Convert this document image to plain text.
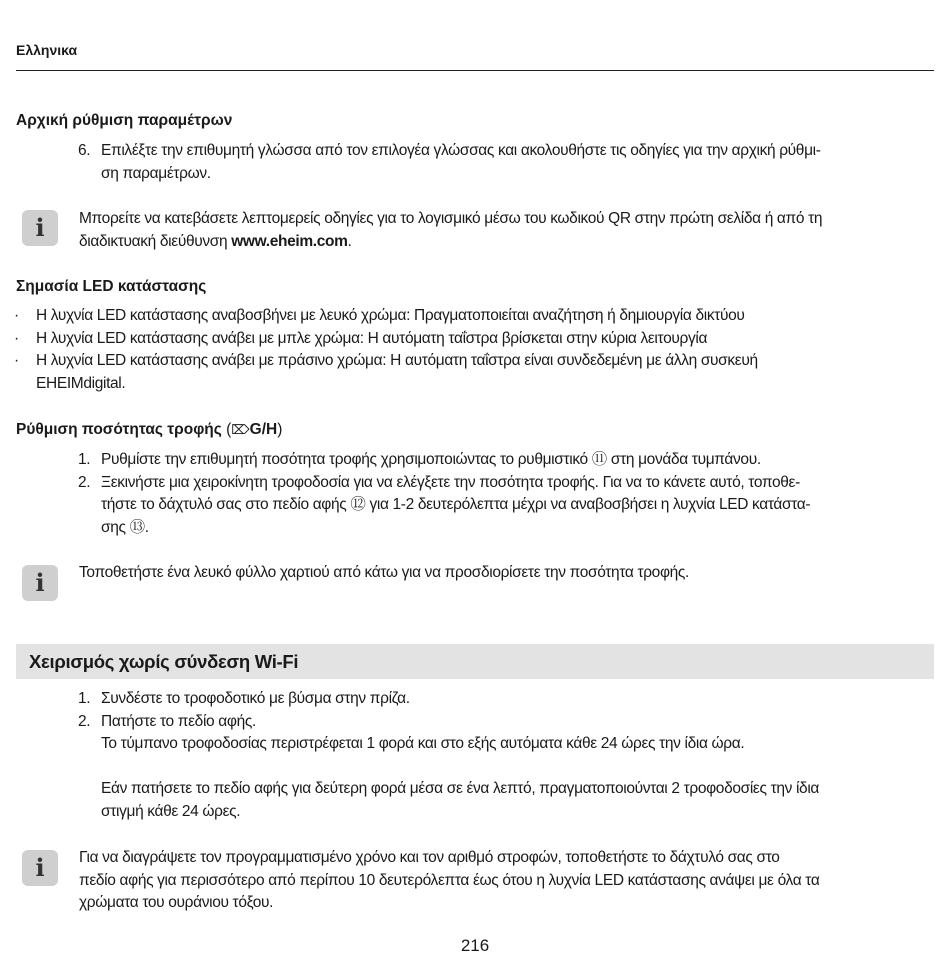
Ελληνικα
Αρχική ρύθμιση παραμέτρων
6. Επιλέξτε την επιθυμητή γλώσσα από τον επιλογέα γλώσσας και ακολουθήστε τις οδηγίες για την αρχική ρύθμι-
ση παραμέτρων.
i Μπορείτε να κατεβάσετε λεπτομερείς οδηγίες για το λογισμικό μέσω του κωδικού QR στην πρώτη σελίδα ή από τη
διαδικτυακή διεύθυνση www.eheim.com.

Σημασία LED κατάστασης
· Η λυχνία LED κατάστασης αναβοσβήνει με λευκό χρώμα: Πραγματοποιείται αναζήτηση ή δημιουργία δικτύου
· Η λυχνία LED κατάστασης ανάβει με μπλε χρώμα: Η αυτόματη ταΐστρα βρίσκεται στην κύρια λειτουργία
· Η λυχνία LED κατάστασης ανάβει με πράσινο χρώμα: Η αυτόματη ταΐστρα είναι συνδεδεμένη με άλλη συσκευή
EHEIMdigital.
Ρύθμιση ποσότητας τροφής (⌦G/H)
1. Ρυθμίστε την επιθυμητή ποσότητα τροφής χρησιμοποιώντας το ρυθμιστικό ⑪ στη μονάδα τυμπάνου.
2. Ξεκινήστε μια χειροκίνητη τροφοδοσία για να ελέγξετε την ποσότητα τροφής. Για να το κάνετε αυτό, τοποθε-
τήστε το δάχτυλό σας στο πεδίο αφής ⑫ για 1-2 δευτερόλεπτα μέχρι να αναβοσβήσει η λυχνία LED κατάστα-
σης ⑬.
i Τοποθετήστε ένα λευκό φύλλο χαρτιού από κάτω για να προσδιορίσετε την ποσότητα τροφής.

Χειρισμός χωρίς σύνδεση Wi-Fi
1. Συνδέστε το τροφοδοτικό με βύσμα στην πρίζα.
2. Πατήστε το πεδίο αφής.
Το τύμπανο τροφοδοσίας περιστρέφεται 1 φορά και στο εξής αυτόματα κάθε 24 ώρες την ίδια ώρα.

Εάν πατήσετε το πεδίο αφής για δεύτερη φορά μέσα σε ένα λεπτό, πραγματοποιούνται 2 τροφοδοσίες την ίδια
στιγμή κάθε 24 ώρες.
i Για να διαγράψετε τον προγραμματισμένο χρόνο και τον αριθμό στροφών, τοποθετήστε το δάχτυλό σας στο
πεδίο αφής για περισσότερο από περίπου 10 δευτερόλεπτα έως ότου η λυχνία LED κατάστασης ανάψει με όλα τα
χρώματα του ουράνιου τόξου.

216
